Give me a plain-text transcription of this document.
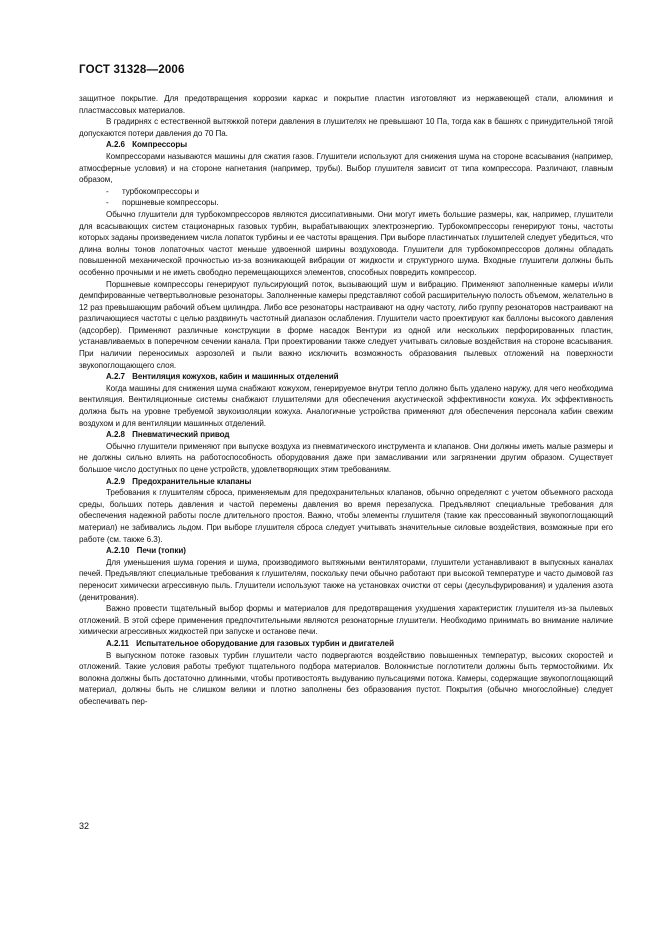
ГОСТ 31328—2006

защитное покрытие. Для предотвращения коррозии каркас и покрытие пластин изготовляют из нержавеющей стали, алюминия и пластмассовых материалов.

В градирнях с естественной вытяжкой потери давления в глушителях не превышают 10 Па, тогда как в башнях с принудительной тягой допускаются потери давления до 70 Па.

А.2.6 Компрессоры

Компрессорами называются машины для сжатия газов. Глушители используют для снижения шума на стороне всасывания (например, атмосферные условия) и на стороне нагнетания (например, трубы). Выбор глушителя зависит от типа компрессора. Различают, главным образом,

- турбокомпрессоры и
- поршневые компрессоры.

Обычно глушители для турбокомпрессоров являются диссипативными. Они могут иметь большие размеры, как, например, глушители для всасывающих систем стационарных газовых турбин, вырабатывающих электроэнергию. Турбокомпрессоры генерируют тоны, частоты которых заданы произведением числа лопаток турбины и ее частоты вращения. При выборе пластинчатых глушителей следует убедиться, что длина волны тонов лопаточных частот меньше удвоенной ширины воздуховода. Глушители для турбокомпрессоров должны обладать повышенной механической прочностью из-за возникающей вибрации от жидкости и структурного шума. Входные глушители должны быть особенно прочными и не иметь свободно перемещающихся элементов, способных повредить компрессор.

Поршневые компрессоры генерируют пульсирующий поток, вызывающий шум и вибрацию. Применяют заполненные камеры и/или демпфированные четвертьволновые резонаторы. Заполненные камеры представляют собой расширительную полость объемом, желательно в 12 раз превышающим рабочий объем цилиндра. Либо все резонаторы настраивают на одну частоту, либо группу резонаторов настраивают на различающиеся частоты с целью раздвинуть частотный диапазон ослабления. Глушители часто проектируют как баллоны высокого давления (адсорбер). Применяют различные конструкции в форме насадок Вентури из одной или нескольких перфорированных пластин, устанавливаемых в поперечном сечении канала. При проектировании также следует учитывать силовые воздействия на стороне всасывания. При наличии переносимых аэрозолей и пыли важно исключить возможность образования пылевых отложений на поверхности звукопоглощающего слоя.

А.2.7 Вентиляция кожухов, кабин и машинных отделений

Когда машины для снижения шума снабжают кожухом, генерируемое внутри тепло должно быть удалено наружу, для чего необходима вентиляция. Вентиляционные системы снабжают глушителями для обеспечения акустической эффективности кожуха. Их эффективность должна быть на уровне требуемой звукоизоляции кожуха. Аналогичные устройства применяют для обеспечения персонала кабин свежим воздухом и для вентиляции машинных отделений.

А.2.8 Пневматический привод

Обычно глушители применяют при выпуске воздуха из пневматического инструмента и клапанов. Они должны иметь малые размеры и не должны сильно влиять на работоспособность оборудования даже при замасливании или загрязнении другим образом. Существует большое число доступных по цене устройств, удовлетворяющих этим требованиям.

А.2.9 Предохранительные клапаны

Требования к глушителям сброса, применяемым для предохранительных клапанов, обычно определяют с учетом объемного расхода среды, больших потерь давления и частой перемены давления во время перезапуска. Предъявляют специальные требования для обеспечения надежной работы после длительного простоя. Важно, чтобы элементы глушителя (такие как прессованный звукопоглощающий материал) не забивались льдом. При выборе глушителя сброса следует учитывать значительные силовые воздействия, возможные при его работе (см. также 6.3).

А.2.10 Печи (топки)

Для уменьшения шума горения и шума, производимого вытяжными вентиляторами, глушители устанавливают в выпускных каналах печей. Предъявляют специальные требования к глушителям, поскольку печи обычно работают при высокой температуре и часто дымовой газ переносит химически агрессивную пыль. Глушители используют также на установках очистки от серы (десульфурирования) и удаления азота (денитрования).

Важно провести тщательный выбор формы и материалов для предотвращения ухудшения характеристик глушителя из-за пылевых отложений. В этой сфере применения предпочтительными являются резонаторные глушители. Необходимо принимать во внимание наличие химически агрессивных жидкостей при запуске и останове печи.

А.2.11 Испытательное оборудование для газовых турбин и двигателей

В выпускном потоке газовых турбин глушители часто подвергаются воздействию повышенных температур, высоких скоростей и отложений. Такие условия работы требуют тщательного подбора материалов. Волокнистые поглотители должны быть термостойкими. Их волокна должны быть достаточно длинными, чтобы противостоять выдуванию пульсациями потока. Камеры, содержащие звукопоглощающий материал, должны быть не слишком велики и плотно заполнены без образования пустот. Покрытия (обычно многослойные) следует обеспечивать пер-

32
